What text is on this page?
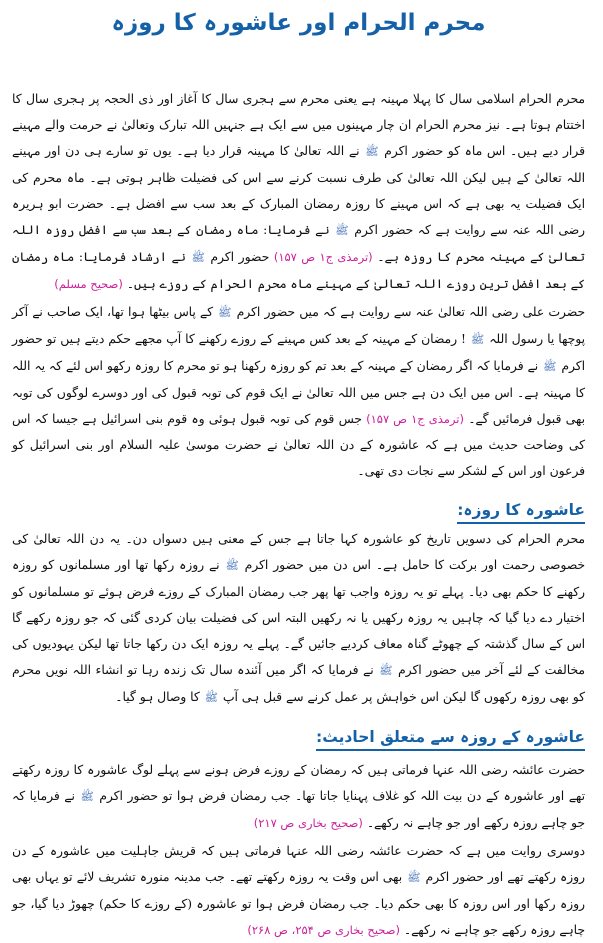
محرم الحرام اور عاشورہ کا روزہ

محرم الحرام اسلامی سال کا پہلا مہینہ ہے یعنی محرم سے ہجری سال کا آغاز اور ذی الحجہ پر ہجری سال کا اختتام ہوتا ہے۔ نیز محرم الحرام ان چار مہینوں میں سے ایک ہے جنہیں اللہ تبارک وتعالیٰ نے حرمت والے مہینے قرار دیے ہیں۔ اس ماہ کو حضور اکرم ﷺ نے اللہ تعالیٰ کا مہینہ قرار دیا ہے۔ یوں تو سارے ہی دن اور مہینے اللہ تعالیٰ کے ہیں لیکن اللہ تعالیٰ کی طرف نسبت کرنے سے اس کی فضیلت ظاہر ہوتی ہے۔ ماہ محرم کی ایک فضیلت یہ بھی ہے کہ اس مہینے کا روزہ رمضان المبارک کے بعد سب سے افضل ہے۔ حضرت ابو ہریرہ رضی اللہ عنہ سے روایت ہے کہ حضور اکرم ﷺ نے فرمایا: ماہ رمضان کے بعد سب سے افضل روزہ اللہ تعالیٰ کے مہینہ محرم کا روزہ ہے۔ (ترمذی ج۱ ص ۱۵۷) حضور اکرم ﷺ نے ارشاد فرمایا: ماہ رمضان کے بعد افضل ترین روزے اللہ تعالیٰ کے مہینے ماہ محرم الحرام کے روزے ہیں۔ (صحیح مسلم)

حضرت علی رضی اللہ تعالیٰ عنہ سے روایت ہے کہ میں حضور اکرم ﷺ کے پاس بیٹھا ہوا تھا، ایک صاحب نے آکر پوچھا یا رسول اللہ ﷺ ! رمضان کے مہینہ کے بعد کس مہینے کے روزے رکھنے کا آپ مجھے حکم دیتے ہیں تو حضور اکرم ﷺ نے فرمایا کہ اگر رمضان کے مہینہ کے بعد تم کو روزہ رکھنا ہو تو محرم کا روزہ رکھو اس لئے کہ یہ اللہ کا مہینہ ہے۔ اس میں ایک دن ہے جس میں اللہ تعالیٰ نے ایک قوم کی توبہ قبول کی اور دوسرے لوگوں کی توبہ بھی قبول فرمائیں گے۔ (ترمذی ج۱ ص ۱۵۷) جس قوم کی توبہ قبول ہوئی وہ قوم بنی اسرائیل ہے جیسا کہ اس کی وضاحت حدیث میں ہے کہ عاشورہ کے دن اللہ تعالیٰ نے حضرت موسیٰ علیہ السلام اور بنی اسرائیل کو فرعون اور اس کے لشکر سے نجات دی تھی۔

عاشورہ کا روزہ:

محرم الحرام کی دسویں تاریخ کو عاشورہ کہا جاتا ہے جس کے معنی ہیں دسواں دن۔ یہ دن اللہ تعالیٰ کی خصوصی رحمت اور برکت کا حامل ہے۔ اس دن میں حضور اکرم ﷺ نے روزہ رکھا تھا اور مسلمانوں کو روزہ رکھنے کا حکم بھی دیا۔ پہلے تو یہ روزہ واجب تھا پھر جب رمضان المبارک کے روزے فرض ہوئے تو مسلمانوں کو اختیار دے دیا گیا کہ چاہیں یہ روزہ رکھیں یا نہ رکھیں البتہ اس کی فضیلت بیان کردی گئی کہ جو روزہ رکھے گا اس کے سال گذشتہ کے چھوٹے گناہ معاف کردیے جائیں گے۔ پہلے یہ روزہ ایک دن رکھا جاتا تھا لیکن یہودیوں کی مخالفت کے لئے آخر میں حضور اکرم ﷺ نے فرمایا کہ اگر میں آئندہ سال تک زندہ رہا تو انشاء اللہ نویں محرم کو بھی روزہ رکھوں گا لیکن اس خواہش پر عمل کرنے سے قبل ہی آپ ﷺ کا وصال ہو گیا۔

عاشورہ کے روزہ سے متعلق احادیث:

حضرت عائشہ رضی اللہ عنہا فرماتی ہیں کہ رمضان کے روزے فرض ہونے سے پہلے لوگ عاشورہ کا روزہ رکھتے تھے اور عاشورہ کے دن بیت اللہ کو غلاف پہنایا جاتا تھا۔ جب رمضان فرض ہوا تو حضور اکرم ﷺ نے فرمایا کہ جو چاہے روزہ رکھے اور جو چاہے نہ رکھے۔ (صحیح بخاری ص ۲۱۷)

دوسری روایت میں ہے کہ حضرت عائشہ رضی اللہ عنہا فرماتی ہیں کہ قریش جاہلیت میں عاشورہ کے دن روزہ رکھتے تھے اور حضور اکرم ﷺ بھی اس وقت یہ روزہ رکھتے تھے۔ جب مدینہ منورہ تشریف لائے تو یہاں بھی روزہ رکھا اور اس روزہ کا بھی حکم دیا۔ جب رمضان فرض ہوا تو عاشورہ (کے روزے کا حکم) چھوڑ دیا گیا، جو چاہے روزہ رکھے جو چاہے نہ رکھے۔ (صحیح بخاری ص ۲۵۴، ص ۲۶۸)
